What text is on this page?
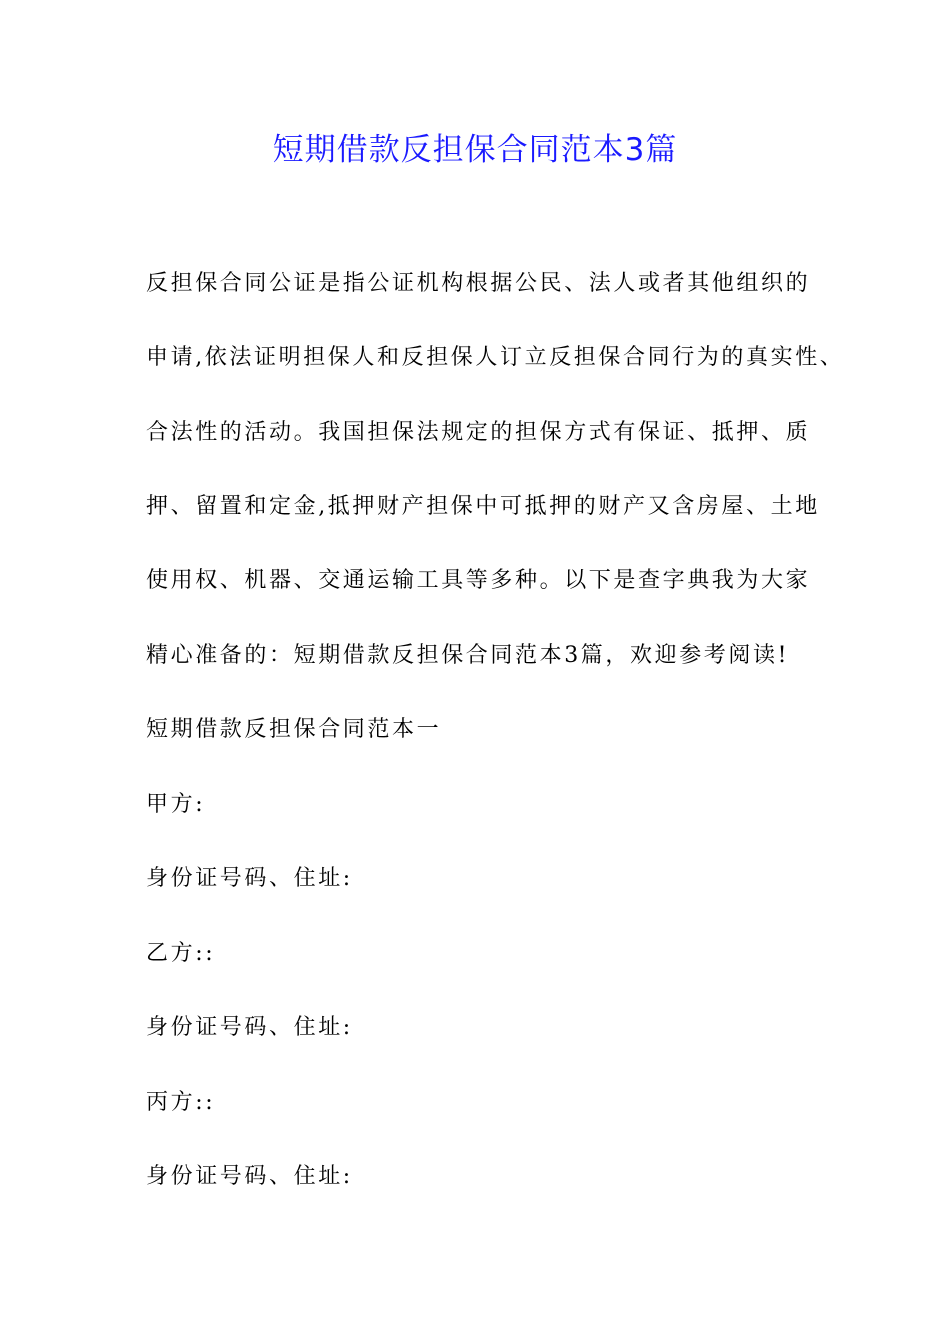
短期借款反担保合同范本3篇
反担保合同公证是指公证机构根据公民、法人或者其他组织的
申请,依法证明担保人和反担保人订立反担保合同行为的真实性、
合法性的活动。我国担保法规定的担保方式有保证、抵押、质
押、留置和定金,抵押财产担保中可抵押的财产又含房屋、土地
使用权、机器、交通运输工具等多种。以下是查字典我为大家
精心准备的：短期借款反担保合同范本3篇，欢迎参考阅读!
短期借款反担保合同范本一
甲方:
身份证号码、住址:
乙方::
身份证号码、住址:
丙方::
身份证号码、住址:
